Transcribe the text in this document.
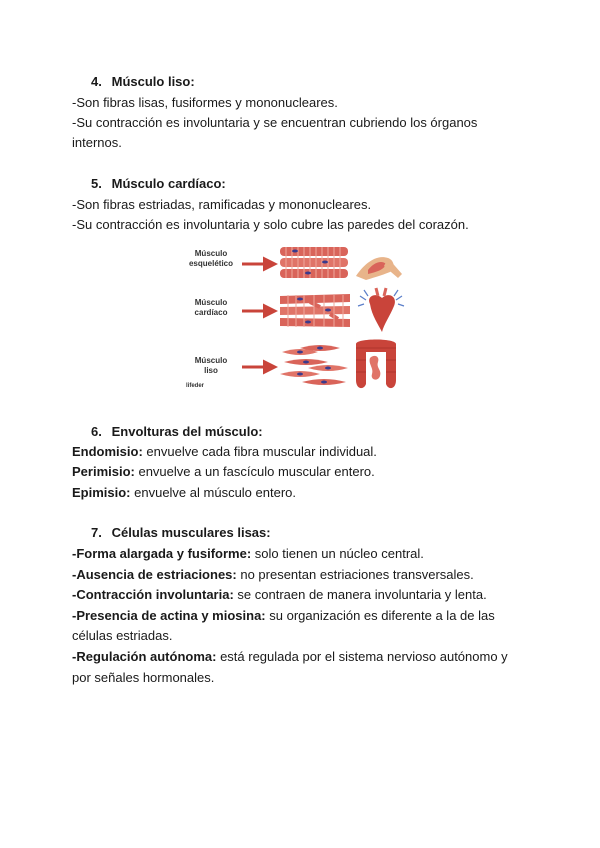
4. Músculo liso:
-Son fibras lisas, fusiformes y mononucleares.
-Su contracción es involuntaria y se encuentran cubriendo los órganos
internos.
5. Músculo cardíaco:
-Son fibras estriadas, ramificadas y mononucleares.
-Su contracción es involuntaria y solo cubre las paredes del corazón.
Músculo
esquelético
Músculo
cardíaco
Músculo
liso
lifeder
6. Envolturas del músculo:
Endomisio: envuelve cada fibra muscular individual.
Perimisio: envuelve a un fascículo muscular entero.
Epimisio: envuelve al músculo entero.
7. Células musculares lisas:
-Forma alargada y fusiforme: solo tienen un núcleo central.
-Ausencia de estriaciones: no presentan estriaciones transversales.
-Contracción involuntaria: se contraen de manera involuntaria y lenta.
-Presencia de actina y miosina: su organización es diferente a la de las
células estriadas.
-Regulación autónoma: está regulada por el sistema nervioso autónomo y
por señales hormonales.
